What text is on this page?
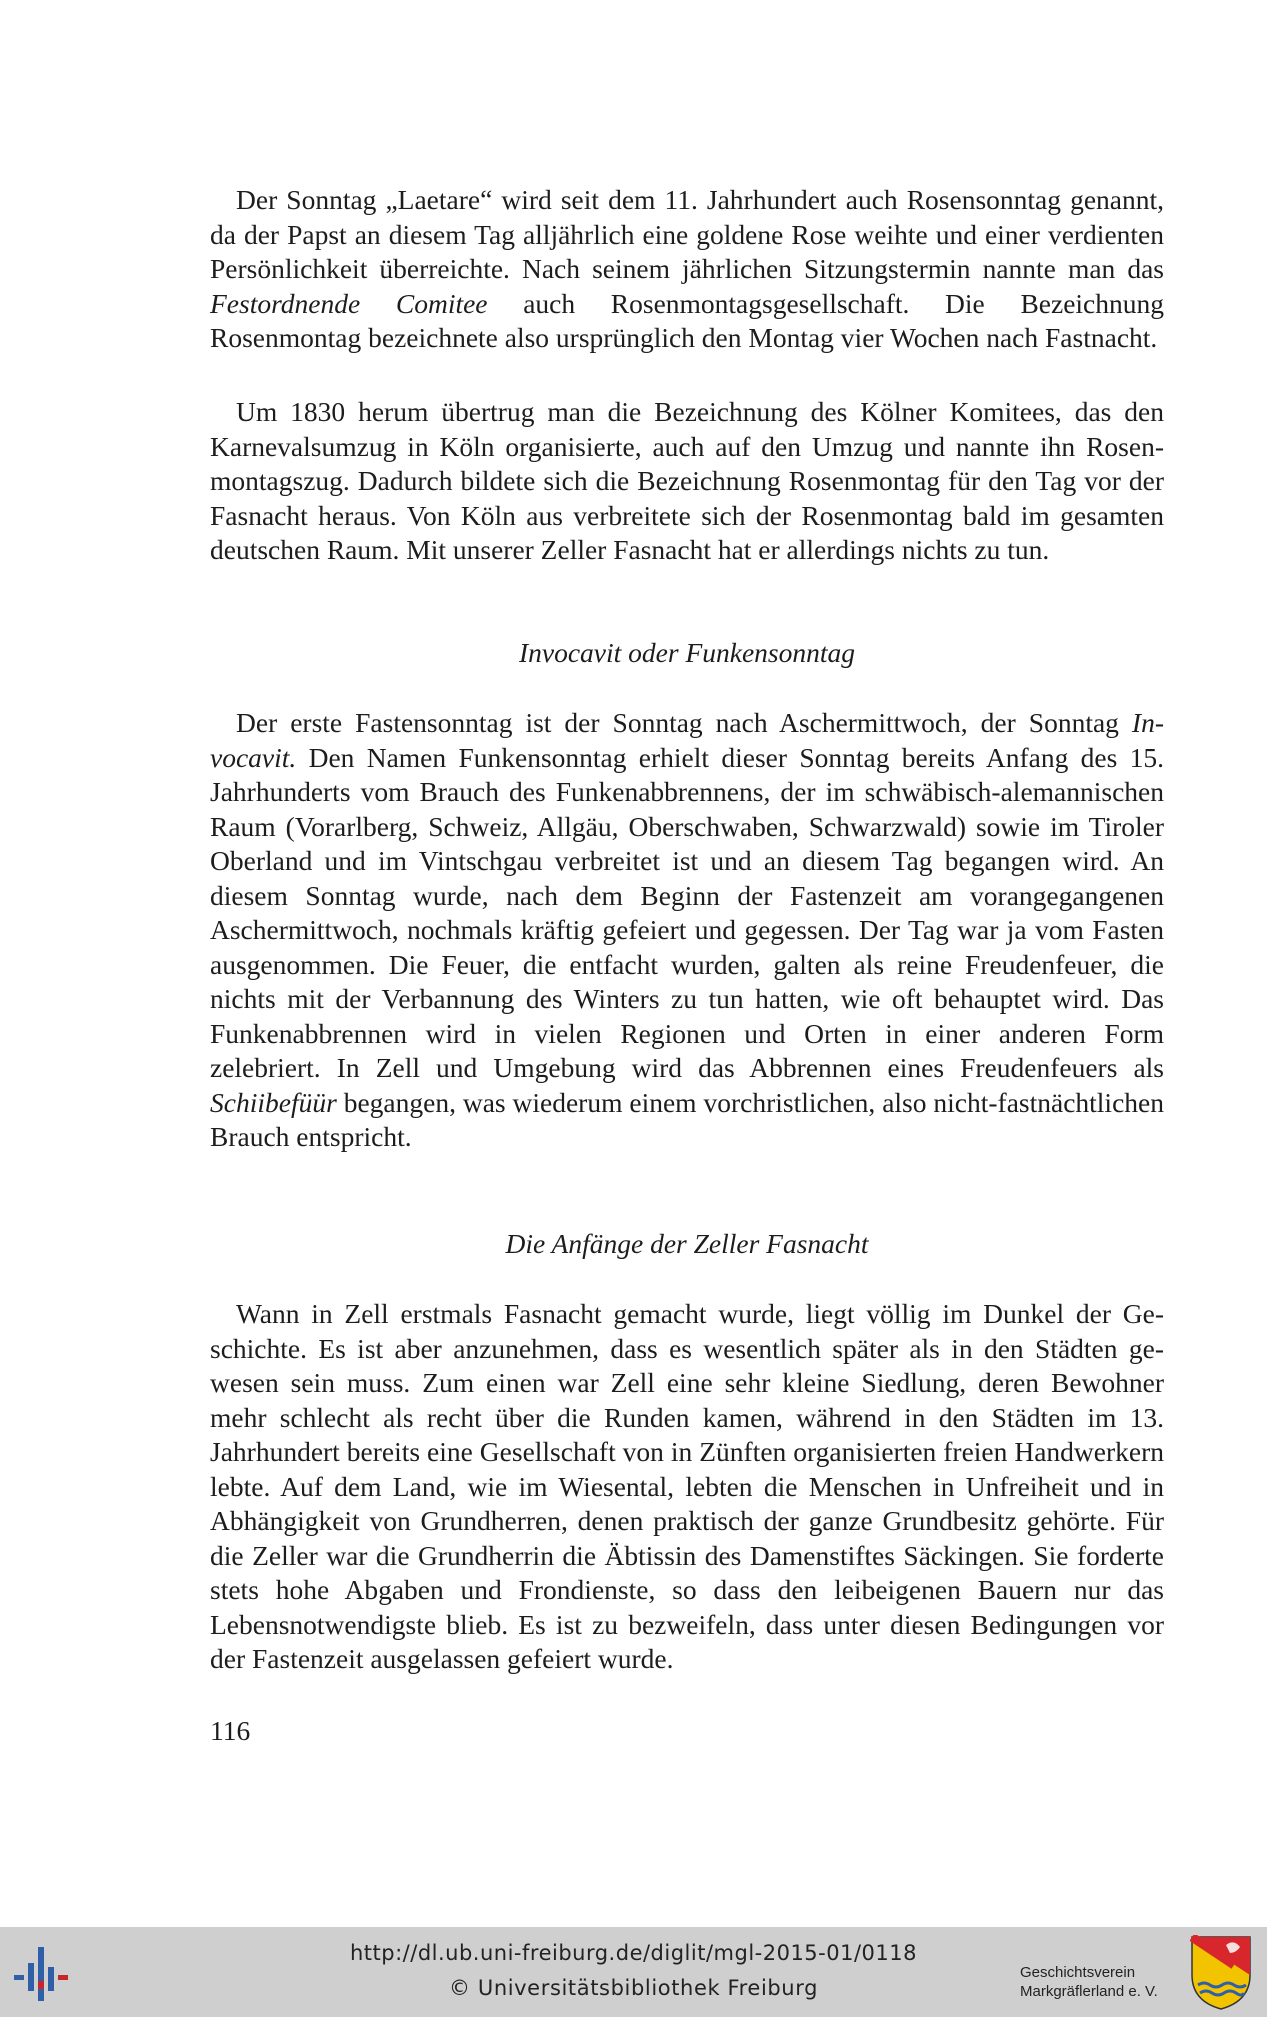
Der Sonntag „Laetare“ wird seit dem 11. Jahrhundert auch Rosensonntag genannt, da der Papst an diesem Tag alljährlich eine goldene Rose weihte und einer verdienten Persönlichkeit überreichte. Nach seinem jährlichen Sitzungstermin nannte man das Festordnende Comitee auch Rosenmontagsgesellschaft. Die Bezeichnung Rosenmontag bezeichnete also ursprünglich den Montag vier Wochen nach Fastnacht.

Um 1830 herum übertrug man die Bezeichnung des Kölner Komitees, das den Karnevalsumzug in Köln organisierte, auch auf den Umzug und nannte ihn Rosenmontagszug. Dadurch bildete sich die Bezeichnung Rosenmontag für den Tag vor der Fasnacht heraus. Von Köln aus verbreitete sich der Rosenmontag bald im gesamten deutschen Raum. Mit unserer Zeller Fasnacht hat er allerdings nichts zu tun.

Invocavit oder Funkensonntag

Der erste Fastensonntag ist der Sonntag nach Aschermittwoch, der Sonntag Invocavit. Den Namen Funkensonntag erhielt dieser Sonntag bereits Anfang des 15. Jahrhunderts vom Brauch des Funkenabbrennens, der im schwäbisch-alemannischen Raum (Vorarlberg, Schweiz, Allgäu, Oberschwaben, Schwarzwald) sowie im Tiroler Oberland und im Vintschgau verbreitet ist und an diesem Tag begangen wird. An diesem Sonntag wurde, nach dem Beginn der Fastenzeit am vorangegangenen Aschermittwoch, nochmals kräftig gefeiert und gegessen. Der Tag war ja vom Fasten ausgenommen. Die Feuer, die entfacht wurden, galten als reine Freudenfeuer, die nichts mit der Verbannung des Winters zu tun hatten, wie oft behauptet wird. Das Funkenabbrennen wird in vielen Regionen und Orten in einer anderen Form zelebriert. In Zell und Umgebung wird das Abbrennen eines Freudenfeuers als Schiibefüür begangen, was wiederum einem vorchristlichen, also nicht-fastnächtlichen Brauch entspricht.

Die Anfänge der Zeller Fasnacht

Wann in Zell erstmals Fasnacht gemacht wurde, liegt völlig im Dunkel der Geschichte. Es ist aber anzunehmen, dass es wesentlich später als in den Städten gewesen sein muss. Zum einen war Zell eine sehr kleine Siedlung, deren Bewohner mehr schlecht als recht über die Runden kamen, während in den Städten im 13. Jahrhundert bereits eine Gesellschaft von in Zünften organisierten freien Handwerkern lebte. Auf dem Land, wie im Wiesental, lebten die Menschen in Unfreiheit und in Abhängigkeit von Grundherren, denen praktisch der ganze Grundbesitz gehörte. Für die Zeller war die Grundherrin die Äbtissin des Damenstiftes Säckingen. Sie forderte stets hohe Abgaben und Frondienste, so dass den leibeigenen Bauern nur das Lebensnotwendigste blieb. Es ist zu bezweifeln, dass unter diesen Bedingungen vor der Fastenzeit ausgelassen gefeiert wurde.

116
http://dl.ub.uni-freiburg.de/diglit/mgl-2015-01/0118
© Universitätsbibliothek Freiburg
Geschichtsverein
Markgräflerland e. V.
